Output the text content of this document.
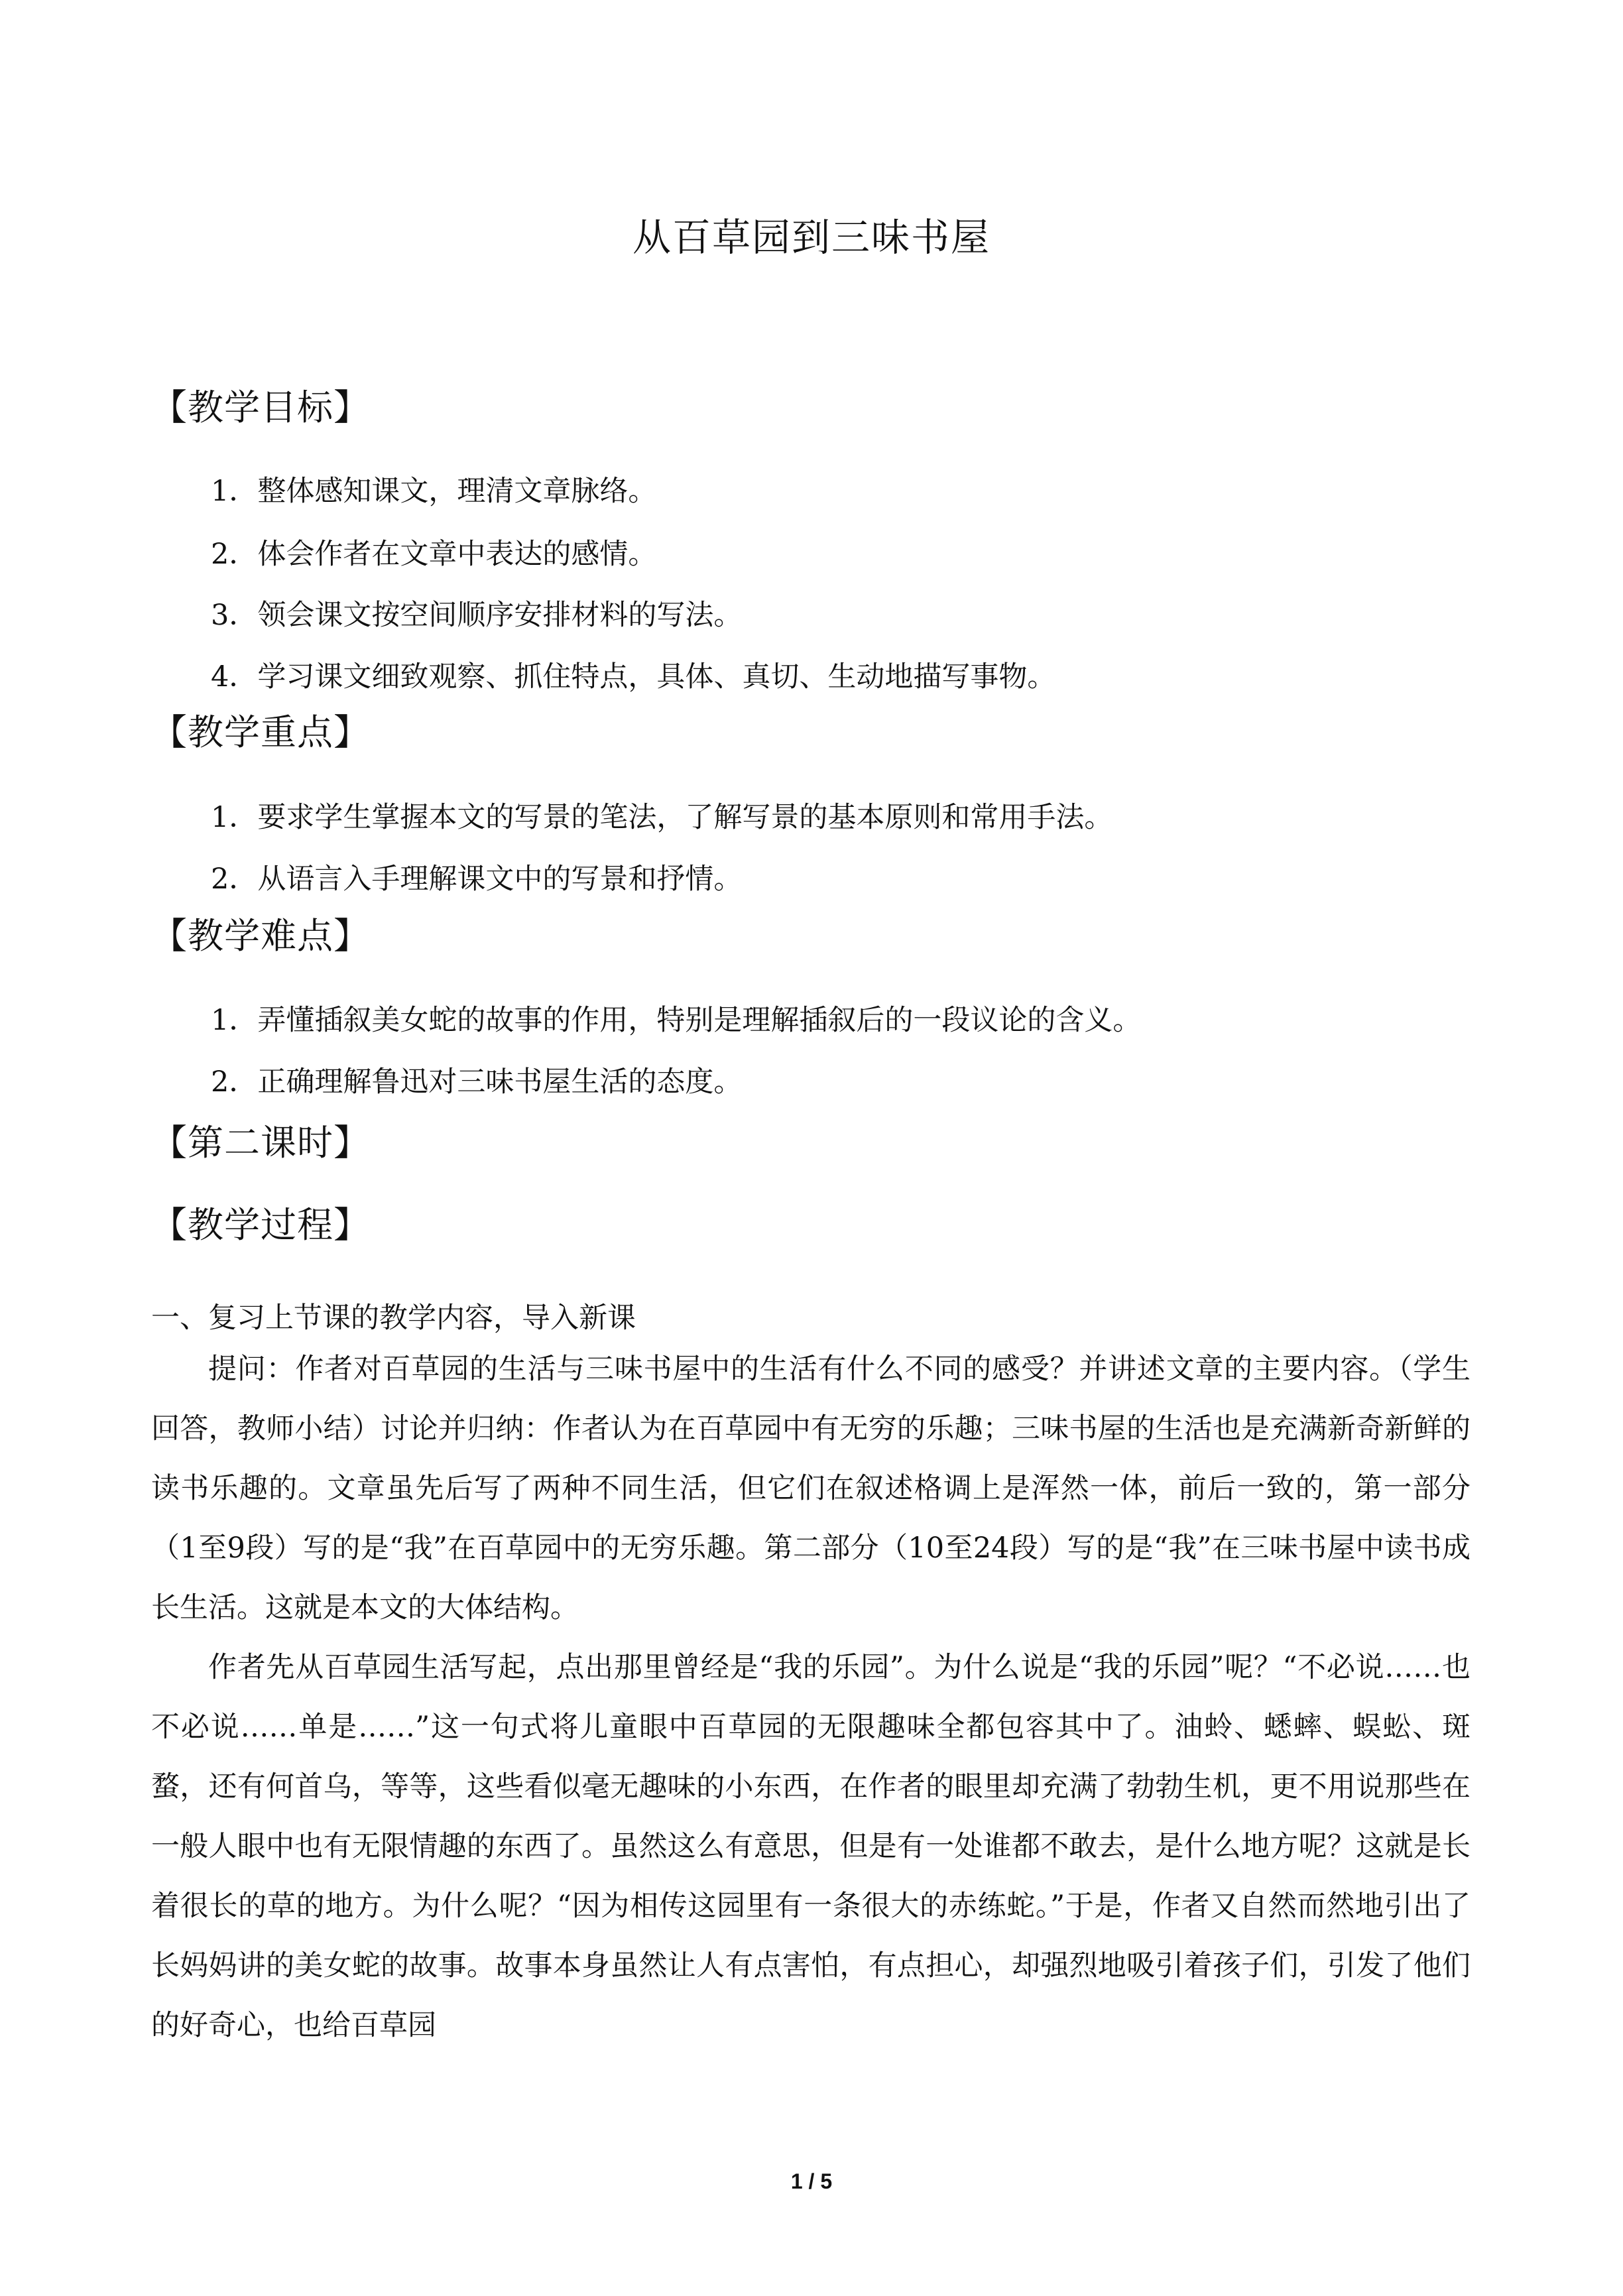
从百草园到三味书屋
【教学目标】
1．整体感知课文，理清文章脉络。
2．体会作者在文章中表达的感情。
3．领会课文按空间顺序安排材料的写法。
4．学习课文细致观察、抓住特点，具体、真切、生动地描写事物。
【教学重点】
1．要求学生掌握本文的写景的笔法，了解写景的基本原则和常用手法。
2．从语言入手理解课文中的写景和抒情。
【教学难点】
1．弄懂插叙美女蛇的故事的作用，特别是理解插叙后的一段议论的含义。
2．正确理解鲁迅对三味书屋生活的态度。
【第二课时】
【教学过程】
一、复习上节课的教学内容，导入新课

提问：作者对百草园的生活与三味书屋中的生活有什么不同的感受？并讲述文章的主要内容。（学生回答，教师小结）讨论并归纳：作者认为在百草园中有无穷的乐趣；三味书屋的生活也是充满新奇新鲜的读书乐趣的。文章虽先后写了两种不同生活，但它们在叙述格调上是浑然一体，前后一致的，第一部分（1至9段）写的是“我”在百草园中的无穷乐趣。第二部分（10至24段）写的是“我”在三味书屋中读书成长生活。这就是本文的大体结构。

作者先从百草园生活写起，点出那里曾经是“我的乐园”。为什么说是“我的乐园”呢？“不必说……也不必说……单是……”这一句式将儿童眼中百草园的无限趣味全都包容其中了。油蛉、蟋蟀、蜈蚣、斑蝥，还有何首乌，等等，这些看似毫无趣味的小东西，在作者的眼里却充满了勃勃生机，更不用说那些在一般人眼中也有无限情趣的东西了。虽然这么有意思，但是有一处谁都不敢去，是什么地方呢？这就是长着很长的草的地方。为什么呢？“因为相传这园里有一条很大的赤练蛇。”于是，作者又自然而然地引出了长妈妈讲的美女蛇的故事。故事本身虽然让人有点害怕，有点担心，却强烈地吸引着孩子们，引发了他们的好奇心，也给百草园

1 / 5
